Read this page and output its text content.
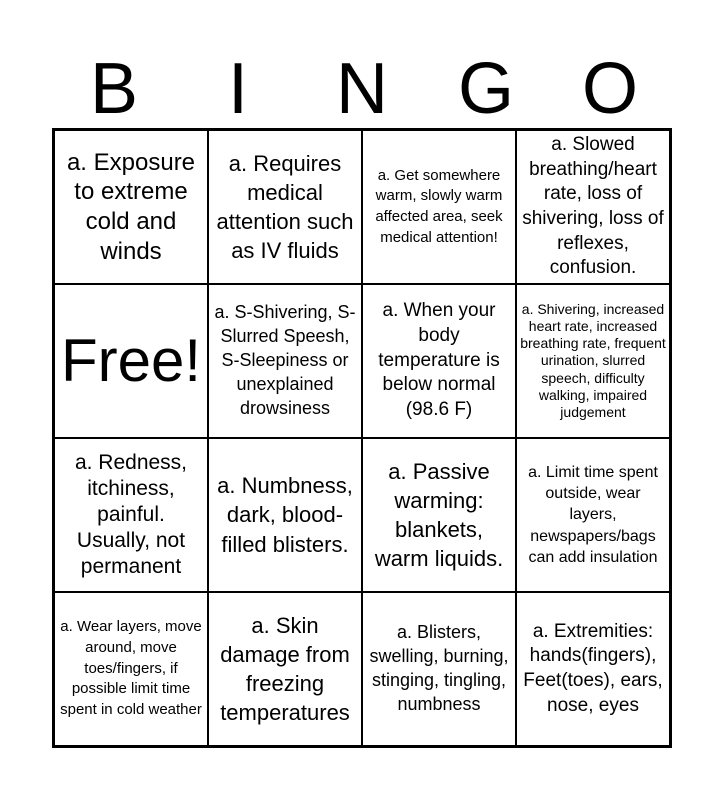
B	I	N G O
a. Exposure to extreme cold and winds
a. Requires medical attention such as IV fluids
a. Get somewhere warm, slowly warm affected area, seek medical attention!
a. Slowed breathing/heart rate, loss of shivering, loss of reflexes, confusion.
Free!
a. S-Shivering, S-Slurred Speesh, S-Sleepiness or unexplained drowsiness
a. When your body temperature is below normal (98.6 F)
a. Shivering, increased heart rate, increased breathing rate, frequent urination, slurred speech, difficulty walking, impaired judgement
a. Redness, itchiness, painful. Usually, not permanent
a. Numbness, dark, blood-filled blisters.
a. Passive warming: blankets, warm liquids.
a. Limit time spent outside, wear layers, newspapers/bags can add insulation
a. Wear layers, move around, move toes/fingers, if possible limit time spent in cold weather
a. Skin damage from freezing temperatures
a. Blisters, swelling, burning, stinging, tingling, numbness
a. Extremities: hands(fingers), Feet(toes), ears, nose, eyes
